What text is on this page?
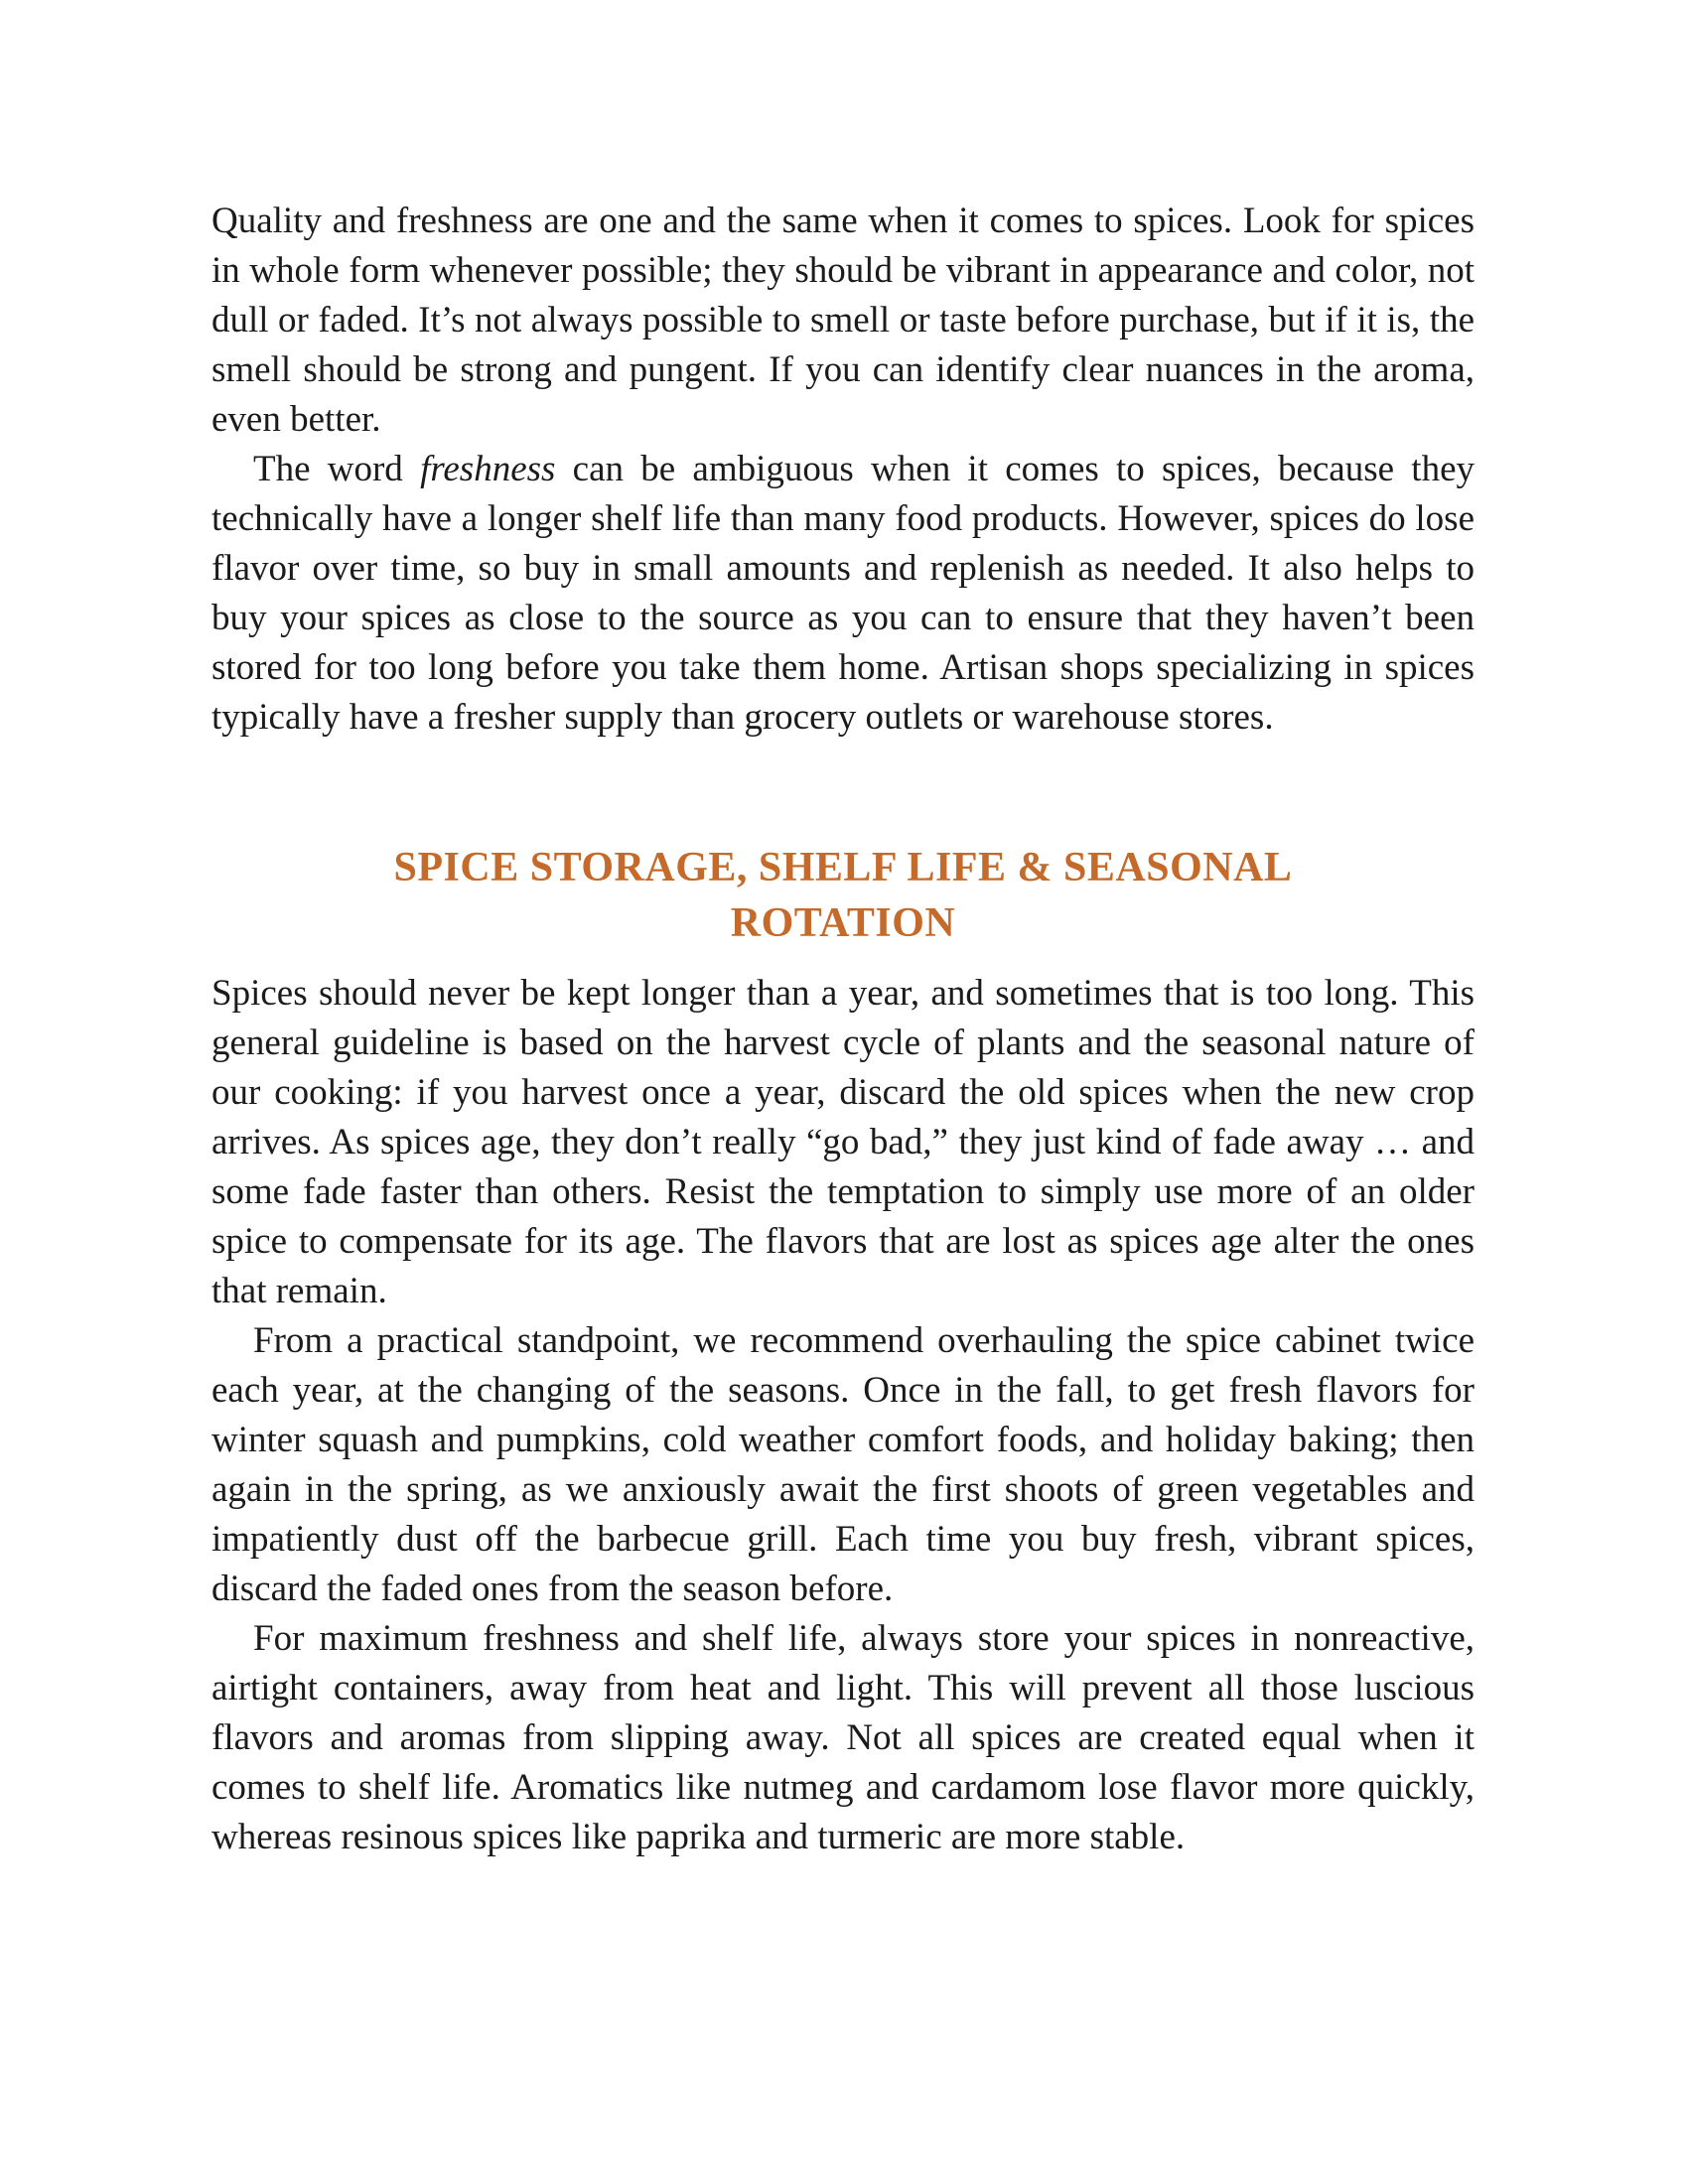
Quality and freshness are one and the same when it comes to spices. Look for spices in whole form whenever possible; they should be vibrant in appearance and color, not dull or faded. It’s not always possible to smell or taste before purchase, but if it is, the smell should be strong and pungent. If you can identify clear nuances in the aroma, even better.

The word freshness can be ambiguous when it comes to spices, because they technically have a longer shelf life than many food products. However, spices do lose flavor over time, so buy in small amounts and replenish as needed. It also helps to buy your spices as close to the source as you can to ensure that they haven’t been stored for too long before you take them home. Artisan shops specializing in spices typically have a fresher supply than grocery outlets or warehouse stores.

SPICE STORAGE, SHELF LIFE & SEASONAL
ROTATION

Spices should never be kept longer than a year, and sometimes that is too long. This general guideline is based on the harvest cycle of plants and the seasonal nature of our cooking: if you harvest once a year, discard the old spices when the new crop arrives. As spices age, they don’t really “go bad,” they just kind of fade away … and some fade faster than others. Resist the temptation to simply use more of an older spice to compensate for its age. The flavors that are lost as spices age alter the ones that remain.

From a practical standpoint, we recommend overhauling the spice cabinet twice each year, at the changing of the seasons. Once in the fall, to get fresh flavors for winter squash and pumpkins, cold weather comfort foods, and holiday baking; then again in the spring, as we anxiously await the first shoots of green vegetables and impatiently dust off the barbecue grill. Each time you buy fresh, vibrant spices, discard the faded ones from the season before.

For maximum freshness and shelf life, always store your spices in nonreactive, airtight containers, away from heat and light. This will prevent all those luscious flavors and aromas from slipping away. Not all spices are created equal when it comes to shelf life. Aromatics like nutmeg and cardamom lose flavor more quickly, whereas resinous spices like paprika and turmeric are more stable.
